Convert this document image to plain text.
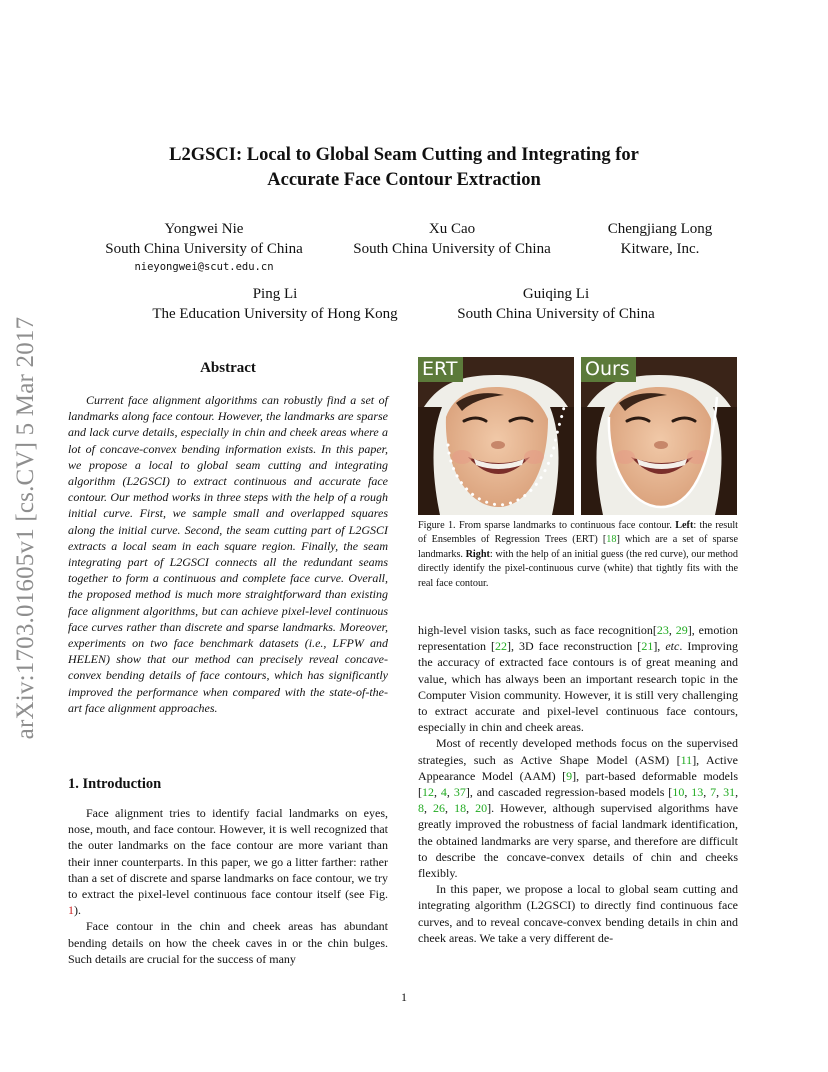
L2GSCI: Local to Global Seam Cutting and Integrating for
Accurate Face Contour Extraction
Yongwei Nie
South China University of China
nieyongwei@scut.edu.cn
Xu Cao
South China University of China
Chengjiang Long
Kitware, Inc.
Ping Li
The Education University of Hong Kong
Guiqing Li
South China University of China
arXiv:1703.01605v1 [cs.CV] 5 Mar 2017	Abstract

Current face alignment algorithms can robustly find a set of landmarks along face contour. However, the landmarks are sparse and lack curve details, especially in chin and cheek areas where a lot of concave-convex bending information exists. In this paper, we propose a local to global seam cutting and integrating algorithm (L2GSCI) to extract continuous and accurate face contour. Our method works in three steps with the help of a rough initial curve. First, we sample small and overlapped squares along the initial curve. Second, the seam cutting part of L2GSCI extracts a local seam in each square region. Finally, the seam integrating part of L2GSCI connects all the redundant seams together to form a continuous and complete face curve. Overall, the proposed method is much more straightforward than existing face alignment algorithms, but can achieve pixel-level continuous face curves rather than discrete and sparse landmarks. Moreover, experiments on two face benchmark datasets (i.e., LFPW and HELEN) show that our method can precisely reveal concave-convex bending details of face contours, which has significantly improved the performance when compared with the state-of-the-art face alignment approaches.

1. Introduction

Face alignment tries to identify facial landmarks on eyes, nose, mouth, and face contour. However, it is well recognized that the outer landmarks on the face contour are more variant than their inner counterparts. In this paper, we go a litter farther: rather than a set of discrete and sparse landmarks on face contour, we try to extract the pixel-level continuous face contour itself (see Fig. 1).

Face contour in the chin and cheek areas has abundant bending details on how the cheek caves in or the chin bulges. Such details are crucial for the success of many

ERT	Ours
Figure 1. From sparse landmarks to continuous face contour. Left: the result of Ensembles of Regression Trees (ERT) [18] which are a set of sparse landmarks. Right: with the help of an initial guess (the red curve), our method directly identify the pixel-continuous curve (white) that tightly fits with the real face contour.

high-level vision tasks, such as face recognition[23, 29], emotion representation [22], 3D face reconstruction [21], etc. Improving the accuracy of extracted face contours is of great meaning and value, which has always been an important research topic in the Computer Vision community. However, it is still very challenging to extract accurate and pixel-level continuous face contours, especially in chin and cheek areas.

Most of recently developed methods focus on the supervised strategies, such as Active Shape Model (ASM) [11], Active Appearance Model (AAM) [9], part-based deformable models [12, 4, 37], and cascaded regression-based models [10, 13, 7, 31, 8, 26, 18, 20]. However, although supervised algorithms have greatly improved the robustness of facial landmark identification, the obtained landmarks are very sparse, and therefore are difficult to describe the concave-convex details of chin and cheeks flexibly.

In this paper, we propose a local to global seam cutting and integrating algorithm (L2GSCI) to directly find continuous face curves, and to reveal concave-convex bending details in chin and cheek areas. We take a very different de-

1
